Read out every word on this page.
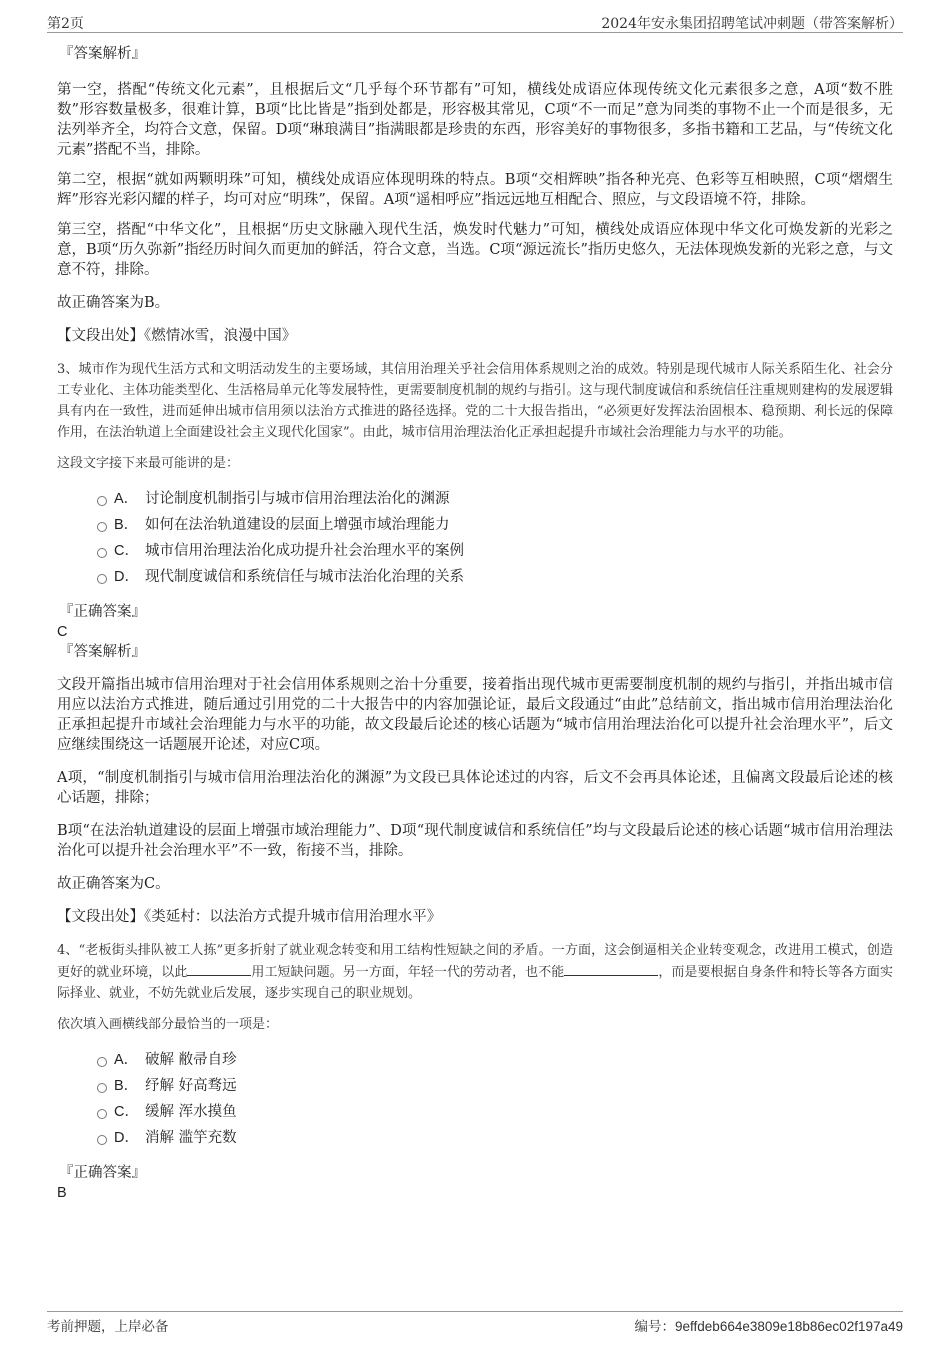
第2页	2024年安永集团招聘笔试冲刺题（带答案解析）

『答案解析』

第一空，搭配“传统文化元素”，且根据后文“几乎每个环节都有”可知，横线处成语应体现传统文化元素很多之意，A项“数不胜数”形容数量极多，很难计算，B项“比比皆是”指到处都是，形容极其常见，C项“不一而足”意为同类的事物不止一个而是很多，无法列举齐全，均符合文意，保留。D项“琳琅满目”指满眼都是珍贵的东西，形容美好的事物很多，多指书籍和工艺品，与“传统文化元素”搭配不当，排除。

第二空，根据“就如两颗明珠”可知，横线处成语应体现明珠的特点。B项“交相辉映”指各种光亮、色彩等互相映照，C项“熠熠生辉”形容光彩闪耀的样子，均可对应“明珠”，保留。A项“遥相呼应”指远远地互相配合、照应，与文段语境不符，排除。

第三空，搭配“中华文化”，且根据“历史文脉融入现代生活，焕发时代魅力”可知，横线处成语应体现中华文化可焕发新的光彩之意，B项“历久弥新”指经历时间久而更加的鲜活，符合文意，当选。C项“源远流长”指历史悠久，无法体现焕发新的光彩之意，与文意不符，排除。

故正确答案为B。

【文段出处】《燃情冰雪，浪漫中国》

3、城市作为现代生活方式和文明活动发生的主要场域，其信用治理关乎社会信用体系规则之治的成效。特别是现代城市人际关系陌生化、社会分工专业化、主体功能类型化、生活格局单元化等发展特性，更需要制度机制的规约与指引。这与现代制度诚信和系统信任注重规则建构的发展逻辑具有内在一致性，进而延伸出城市信用须以法治方式推进的路径选择。党的二十大报告指出，“必须更好发挥法治固根本、稳预期、利长远的保障作用，在法治轨道上全面建设社会主义现代化国家”。由此，城市信用治理法治化正承担起提升市域社会治理能力与水平的功能。

这段文字接下来最可能讲的是：

A． 讨论制度机制指引与城市信用治理法治化的渊源
B． 如何在法治轨道建设的层面上增强市域治理能力
C． 城市信用治理法治化成功提升社会治理水平的案例
D． 现代制度诚信和系统信任与城市法治化治理的关系

『正确答案』

C

『答案解析』

文段开篇指出城市信用治理对于社会信用体系规则之治十分重要，接着指出现代城市更需要制度机制的规约与指引，并指出城市信用应以法治方式推进，随后通过引用党的二十大报告中的内容加强论证，最后文段通过“由此”总结前文，指出城市信用治理法治化正承担起提升市域社会治理能力与水平的功能，故文段最后论述的核心话题为“城市信用治理法治化可以提升社会治理水平”，后文应继续围绕这一话题展开论述，对应C项。

A项，“制度机制指引与城市信用治理法治化的渊源”为文段已具体论述过的内容，后文不会再具体论述，且偏离文段最后论述的核心话题，排除；

B项“在法治轨道建设的层面上增强市域治理能力”、D项“现代制度诚信和系统信任”均与文段最后论述的核心话题“城市信用治理法治化可以提升社会治理水平”不一致，衔接不当，排除。

故正确答案为C。

【文段出处】《类延村：以法治方式提升城市信用治理水平》

4、“老板街头排队被工人拣”更多折射了就业观念转变和用工结构性短缺之间的矛盾。一方面，这会倒逼相关企业转变观念，改进用工模式，创造更好的就业环境，以此	用工短缺问题。另一方面，年轻一代的劳动者，也不能	，而是要根据自身条件和特长等各方面实际择业、就业，不妨先就业后发展，逐步实现自己的职业规划。

依次填入画横线部分最恰当的一项是：

A． 破解 敝帚自珍
B． 纾解 好高骛远
C． 缓解 浑水摸鱼
D． 消解 滥竽充数

『正确答案』

B

考前押题，上岸必备	编号：9effdeb664e3809e18b86ec02f197a49
